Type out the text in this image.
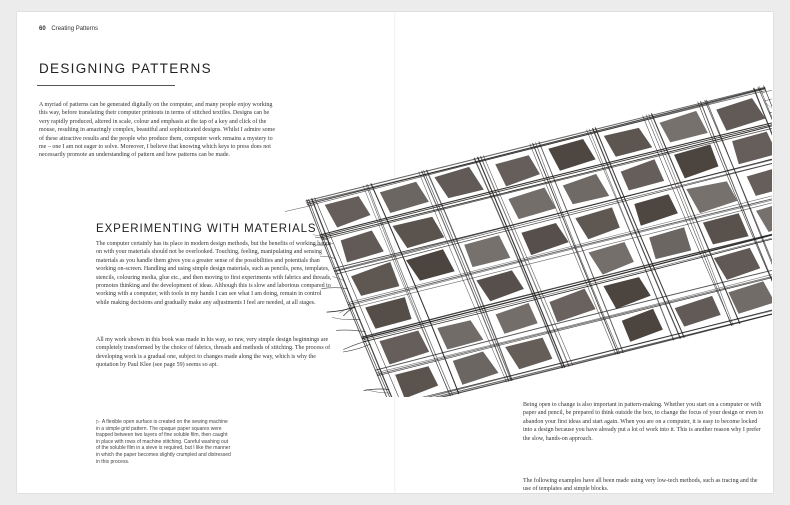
60 Creating Patterns
DESIGNING PATTERNS

A myriad of patterns can be generated digitally on the computer, and many people enjoy working this way, before translating their computer printouts in terms of stitched textiles. Designs can be very rapidly produced, altered in scale, colour and emphasis at the tap of a key and click of the mouse, resulting in amazingly complex, beautiful and sophisticated designs. Whilst I admire some of these attractive results and the people who produce them, computer work remains a mystery to me – one I am not eager to solve. Moreover, I believe that knowing which keys to press does not necessarily promote an understanding of pattern and how patterns can be made.

EXPERIMENTING WITH MATERIALS

The computer certainly has its place in modern design methods, but the benefits of working hands-on with your materials should not be overlooked. Touching, feeling, manipulating and sensing materials as you handle them gives you a greater sense of the possibilities and potentials than working on-screen. Handling and using simple design materials, such as pencils, pens, templates, stencils, colouring media, glue etc., and then moving to first experiments with fabrics and threads, promotes thinking and the development of ideas. Although this is slow and laborious compared to working with a computer, with tools in my hands I can see what I am doing, remain in control while making decisions and gradually make any adjustments I feel are needed, at all stages.

All my work shown in this book was made in his way, so raw, very simple design beginnings are completely transformed by the choice of fabrics, threads and methods of stitching. The process of developing work is a gradual one, subject to changes made along the way, which is why the quotation by Paul Klee (see page 59) seems so apt.

▷ A flexible open surface is created on the sewing machine in a simple grid pattern. The opaque paper squares were trapped between two layers of fine soluble film, then caught in place with rows of machine stitching. Careful washing out of the soluble film in a sieve is required, but I like the manner in which the paper becomes slightly crumpled and distressed in this process.

Being open to change is also important in pattern-making. Whether you start on a computer or with paper and pencil, be prepared to think outside the box, to change the focus of your design or even to abandon your first ideas and start again. When you are on a computer, it is easy to become locked into a design because you have already put a lot of work into it. This is another reason why I prefer the slow, hands-on approach.

The following examples have all been made using very low-tech methods, such as tracing and the use of templates and simple blocks.
